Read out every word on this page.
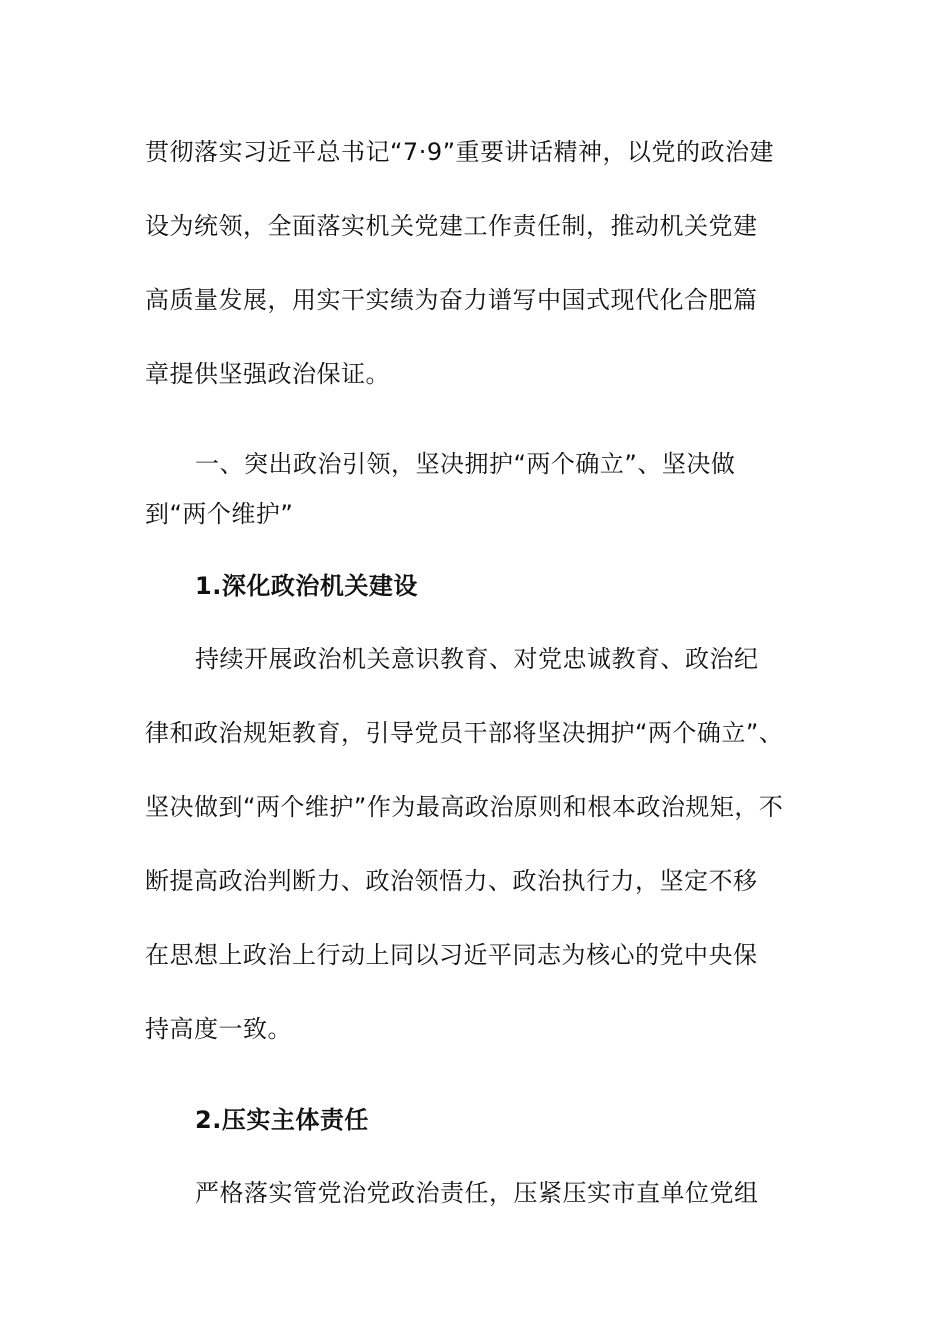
贯彻落实习近平总书记“7·9”重要讲话精神，以党的政治建
设为统领，全面落实机关党建工作责任制，推动机关党建
高质量发展，用实干实绩为奋力谱写中国式现代化合肥篇
章提供坚强政治保证。
一、突出政治引领，坚决拥护“两个确立”、坚决做
到“两个维护”
1.深化政治机关建设
持续开展政治机关意识教育、对党忠诚教育、政治纪
律和政治规矩教育，引导党员干部将坚决拥护“两个确立”、
坚决做到“两个维护”作为最高政治原则和根本政治规矩，不
断提高政治判断力、政治领悟力、政治执行力，坚定不移
在思想上政治上行动上同以习近平同志为核心的党中央保
持高度一致。
2.压实主体责任
严格落实管党治党政治责任，压紧压实市直单位党组
